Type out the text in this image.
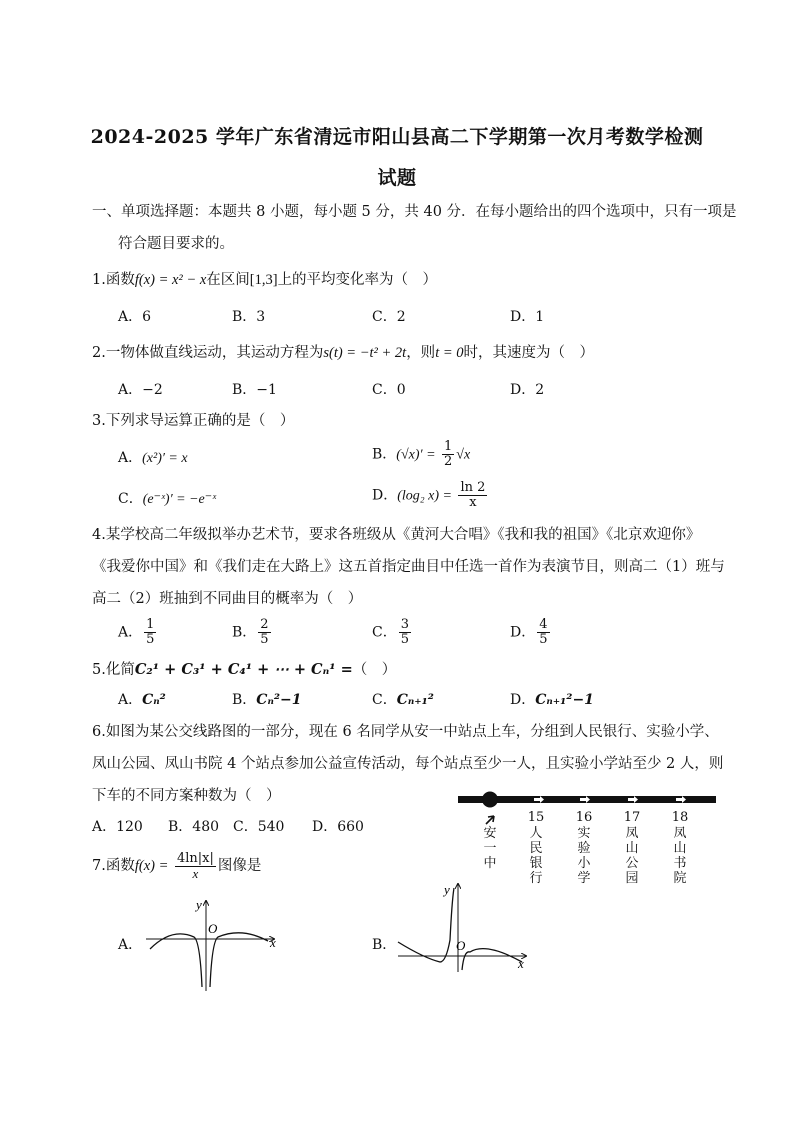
2024-2025 学年广东省清远市阳山县高二下学期第一次月考数学检测
试题
一、单项选择题：本题共 8 小题，每小题 5 分，共 40 分．在每小题给出的四个选项中，只有一项是
符合题目要求的。
1.函数f(x) = x² − x在区间[1,3]上的平均变化率为（　）
A．6	B．3	C．2	D．1
2.一物体做直线运动，其运动方程为s(t) = −t² + 2t，则t = 0时，其速度为（　）
A．−2	B．−1	C．0	D．2
3.下列求导运算正确的是（　）
A．(x²)′ = x	B．$(√x)' = \frac{1}{2} √x$
C．(e⁻ˣ)′ = −e⁻ˣ	D．(log₂ $x) = \frac{\ln 2}{x}$
4.某学校高二年级拟举办艺术节，要求各班级从《黄河大合唱》《我和我的祖国》《北京欢迎你》
《我爱你中国》和《我们走在大路上》这五首指定曲目中任选一首作为表演节目，则高二（1）班与
高二（2）班抽到不同曲目的概率为（　）
A． $\frac{1}{5}$	B． $\frac{2}{5}$	C． $\frac{3}{5}$	D． $\frac{4}{5}$
5.化简C₂¹ + C₃¹ + C₄¹ + ⋯ + Cₙ¹ =（　）
A．Cₙ²	B．Cₙ²−1	C．Cₙ₊₁²	D．Cₙ₊₁²−1
6.如图为某公交线路图的一部分，现在 6 名同学从安一中站点上车，分组到人民银行、实验小学、
凤山公园、凤山书院 4 个站点参加公益宣传活动，每个站点至少一人，且实验小学站至少 2 人，则
下车的不同方案种数为（　）
A．120 B．480 C．540 D．660	安
一
中
15
人
民
银
行
16
实
验
小
学
17
凤
山
公
园
18
凤
山
书
院
7.函数$f(x) = \frac{4\ln|x|}{x}$ 图像是
A．	x
y
O
B．
x
y
O
